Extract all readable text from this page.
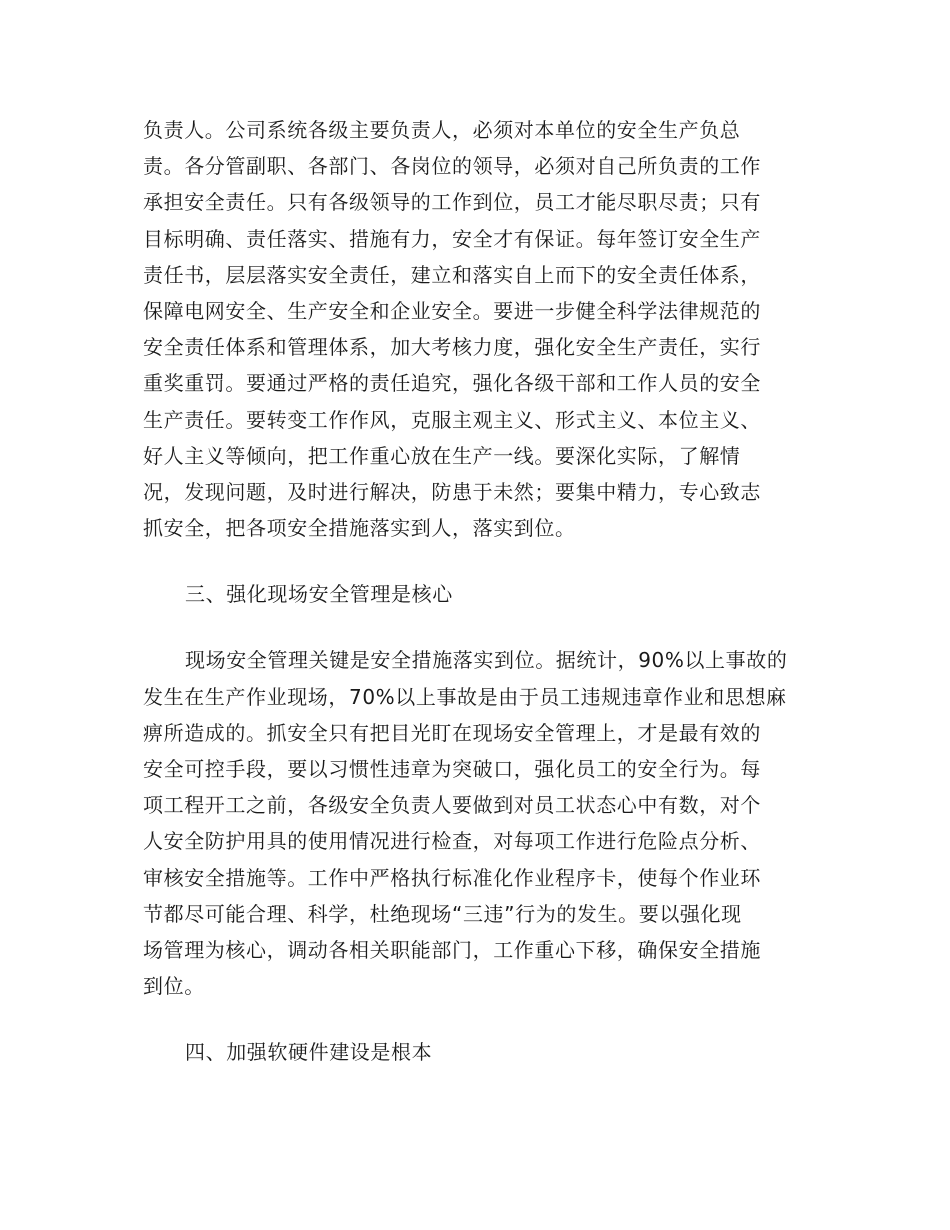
负责人。公司系统各级主要负责人，必须对本单位的安全生产负总
责。各分管副职、各部门、各岗位的领导，必须对自己所负责的工作
承担安全责任。只有各级领导的工作到位，员工才能尽职尽责；只有
目标明确、责任落实、措施有力，安全才有保证。每年签订安全生产
责任书，层层落实安全责任，建立和落实自上而下的安全责任体系，
保障电网安全、生产安全和企业安全。要进一步健全科学法律规范的
安全责任体系和管理体系，加大考核力度，强化安全生产责任，实行
重奖重罚。要通过严格的责任追究，强化各级干部和工作人员的安全
生产责任。要转变工作作风，克服主观主义、形式主义、本位主义、
好人主义等倾向，把工作重心放在生产一线。要深化实际，了解情
况，发现问题，及时进行解决，防患于未然；要集中精力，专心致志
抓安全，把各项安全措施落实到人，落实到位。
三、强化现场安全管理是核心
现场安全管理关键是安全措施落实到位。据统计，90%以上事故的
发生在生产作业现场，70%以上事故是由于员工违规违章作业和思想麻
痹所造成的。抓安全只有把目光盯在现场安全管理上，才是最有效的
安全可控手段，要以习惯性违章为突破口，强化员工的安全行为。每
项工程开工之前，各级安全负责人要做到对员工状态心中有数，对个
人安全防护用具的使用情况进行检查，对每项工作进行危险点分析、
审核安全措施等。工作中严格执行标准化作业程序卡，使每个作业环
节都尽可能合理、科学，杜绝现场“三违”行为的发生。要以强化现
场管理为核心，调动各相关职能部门，工作重心下移，确保安全措施
到位。
四、加强软硬件建设是根本
